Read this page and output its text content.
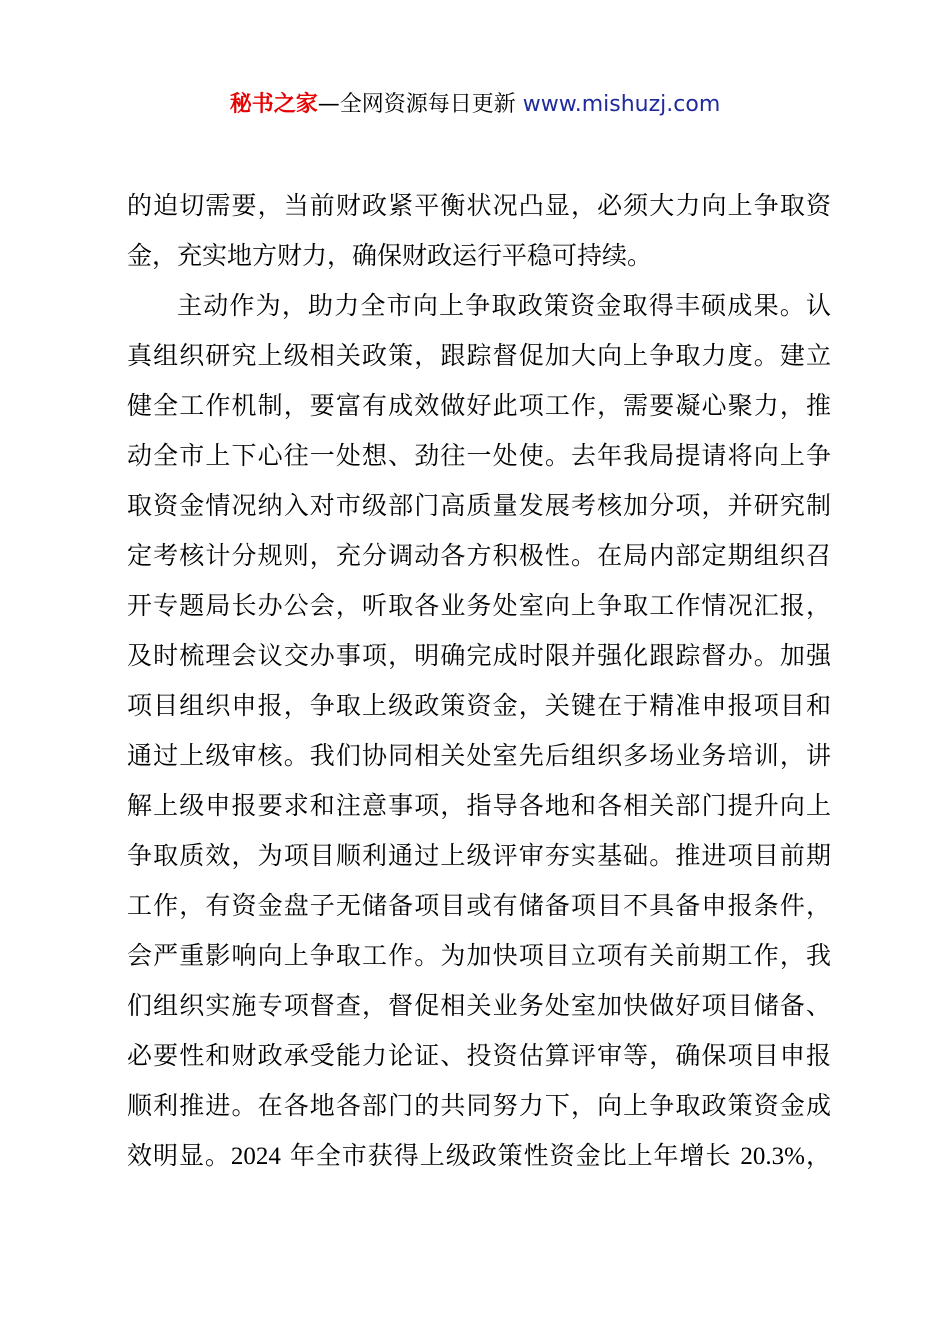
秘书之家—全网资源每日更新 www.mishuzj.com
的迫切需要，当前财政紧平衡状况凸显，必须大力向上争取资
金，充实地方财力，确保财政运行平稳可持续。
主动作为，助力全市向上争取政策资金取得丰硕成果。认
真组织研究上级相关政策，跟踪督促加大向上争取力度。建立
健全工作机制，要富有成效做好此项工作，需要凝心聚力，推
动全市上下心往一处想、劲往一处使。去年我局提请将向上争
取资金情况纳入对市级部门高质量发展考核加分项，并研究制
定考核计分规则，充分调动各方积极性。在局内部定期组织召
开专题局长办公会，听取各业务处室向上争取工作情况汇报，
及时梳理会议交办事项，明确完成时限并强化跟踪督办。加强
项目组织申报，争取上级政策资金，关键在于精准申报项目和
通过上级审核。我们协同相关处室先后组织多场业务培训，讲
解上级申报要求和注意事项，指导各地和各相关部门提升向上
争取质效，为项目顺利通过上级评审夯实基础。推进项目前期
工作，有资金盘子无储备项目或有储备项目不具备申报条件，
会严重影响向上争取工作。为加快项目立项有关前期工作，我
们组织实施专项督查，督促相关业务处室加快做好项目储备、
必要性和财政承受能力论证、投资估算评审等，确保项目申报
顺利推进。在各地各部门的共同努力下，向上争取政策资金成
效明显。2024 年全市获得上级政策性资金比上年增长 20.3%，
